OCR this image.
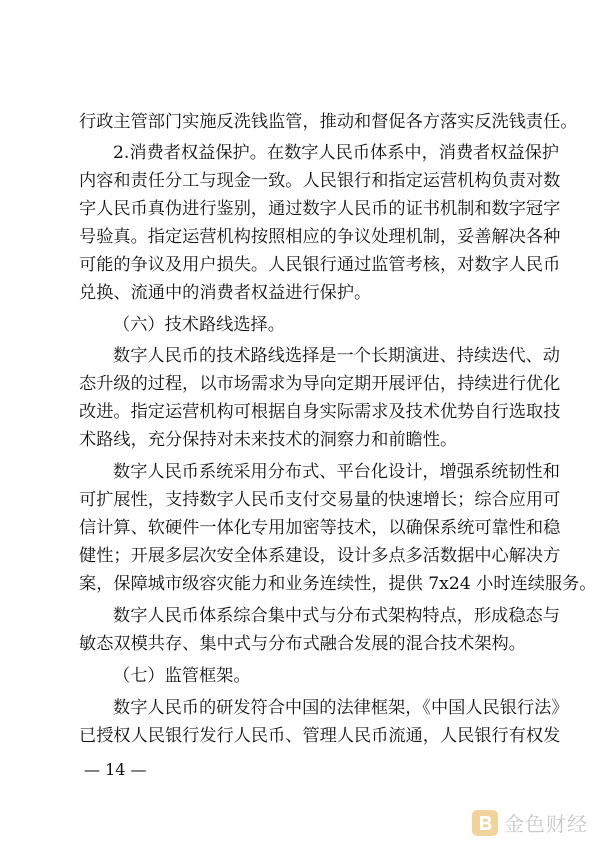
行政主管部门实施反洗钱监管，推动和督促各方落实反洗钱责任。
2.消费者权益保护。在数字人民币体系中，消费者权益保护
内容和责任分工与现金一致。人民银行和指定运营机构负责对数
字人民币真伪进行鉴别，通过数字人民币的证书机制和数字冠字
号验真。指定运营机构按照相应的争议处理机制，妥善解决各种
可能的争议及用户损失。人民银行通过监管考核，对数字人民币
兑换、流通中的消费者权益进行保护。
（六）技术路线选择。
数字人民币的技术路线选择是一个长期演进、持续迭代、动
态升级的过程，以市场需求为导向定期开展评估，持续进行优化
改进。指定运营机构可根据自身实际需求及技术优势自行选取技
术路线，充分保持对未来技术的洞察力和前瞻性。
数字人民币系统采用分布式、平台化设计，增强系统韧性和
可扩展性，支持数字人民币支付交易量的快速增长；综合应用可
信计算、软硬件一体化专用加密等技术，以确保系统可靠性和稳
健性；开展多层次安全体系建设，设计多点多活数据中心解决方
案，保障城市级容灾能力和业务连续性，提供 7x24 小时连续服务。
数字人民币体系综合集中式与分布式架构特点，形成稳态与
敏态双模共存、集中式与分布式融合发展的混合技术架构。
（七）监管框架。
数字人民币的研发符合中国的法律框架，《中国人民银行法》
已授权人民银行发行人民币、管理人民币流通，人民银行有权发
— 14 —
金色财经
